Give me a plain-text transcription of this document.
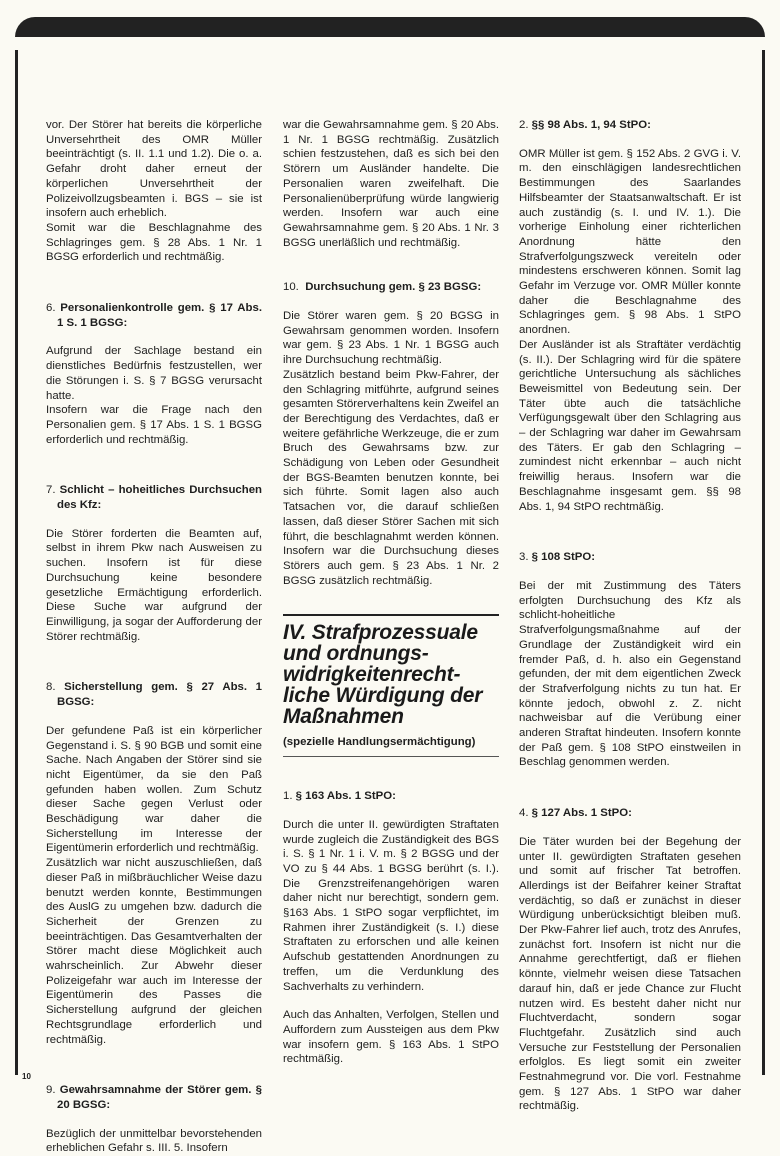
vor. Der Störer hat bereits die körperliche Unversehrtheit des OMR Müller beeinträchtigt (s. II. 1.1 und 1.2). Die o. a. Gefahr droht daher erneut der körperlichen Unversehrtheit der Polizeivollzugsbeamten i. BGS – sie ist insofern auch erheblich.

Somit war die Beschlagnahme des Schlagringes gem. § 28 Abs. 1 Nr. 1 BGSG erforderlich und rechtmäßig.

6. Personalienkontrolle gem. § 17 Abs. 1 S. 1 BGSG:

Aufgrund der Sachlage bestand ein dienstliches Bedürfnis festzustellen, wer die Störungen i. S. § 7 BGSG verursacht hatte.

Insofern war die Frage nach den Personalien gem. § 17 Abs. 1 S. 1 BGSG erforderlich und rechtmäßig.

7. Schlicht – hoheitliches Durchsuchen des Kfz:

Die Störer forderten die Beamten auf, selbst in ihrem Pkw nach Ausweisen zu suchen. Insofern ist für diese Durchsuchung keine besondere gesetzliche Ermächtigung erforderlich. Diese Suche war aufgrund der Einwilligung, ja sogar der Aufforderung der Störer rechtmäßig.

8. Sicherstellung gem. § 27 Abs. 1 BGSG:

Der gefundene Paß ist ein körperlicher Gegenstand i. S. § 90 BGB und somit eine Sache. Nach Angaben der Störer sind sie nicht Eigentümer, da sie den Paß gefunden haben wollen. Zum Schutz dieser Sache gegen Verlust oder Beschädigung war daher die Sicherstellung im Interesse der Eigentümerin erforderlich und rechtmäßig.

Zusätzlich war nicht auszuschließen, daß dieser Paß in mißbräuchlicher Weise dazu benutzt werden konnte, Bestimmungen des AuslG zu umgehen bzw. dadurch die Sicherheit der Grenzen zu beeinträchtigen. Das Gesamtverhalten der Störer macht diese Möglichkeit auch wahrscheinlich. Zur Abwehr dieser Polizeigefahr war auch im Interesse der Eigentümerin des Passes die Sicherstellung aufgrund der gleichen Rechtsgrundlage erforderlich und rechtmäßig.

9. Gewahrsamnahme der Störer gem. § 20 BGSG:

Bezüglich der unmittelbar bevorstehenden erheblichen Gefahr s. III. 5. Insofern

war die Gewahrsamnahme gem. § 20 Abs. 1 Nr. 1 BGSG rechtmäßig. Zusätzlich schien festzustehen, daß es sich bei den Störern um Ausländer handelte. Die Personalien waren zweifelhaft. Die Personalienüberprüfung würde langwierig werden. Insofern war auch eine Gewahrsamnahme gem. § 20 Abs. 1 Nr. 3 BGSG unerläßlich und rechtmäßig.

10. Durchsuchung gem. § 23 BGSG:

Die Störer waren gem. § 20 BGSG in Gewahrsam genommen worden. Insofern war gem. § 23 Abs. 1 Nr. 1 BGSG auch ihre Durchsuchung rechtmäßig.

Zusätzlich bestand beim Pkw-Fahrer, der den Schlagring mitführte, aufgrund seines gesamten Störerverhaltens kein Zweifel an der Berechtigung des Verdachtes, daß er weitere gefährliche Werkzeuge, die er zum Bruch des Gewahrsams bzw. zur Schädigung von Leben oder Gesundheit der BGS-Beamten benutzen konnte, bei sich führte. Somit lagen also auch Tatsachen vor, die darauf schließen lassen, daß dieser Störer Sachen mit sich führt, die beschlagnahmt werden können. Insofern war die Durchsuchung dieses Störers auch gem. § 23 Abs. 1 Nr. 2 BGSG zusätzlich rechtmäßig.

IV. Strafprozessuale
und ordnungs-
widrigkeitenrecht-
liche Würdigung der
Maßnahmen
(spezielle Handlungsermächtigung)

1. § 163 Abs. 1 StPO:

Durch die unter II. gewürdigten Straftaten wurde zugleich die Zuständigkeit des BGS i. S. § 1 Nr. 1 i. V. m. § 2 BGSG und der VO zu § 44 Abs. 1 BGSG berührt (s. I.). Die Grenzstreifenangehörigen waren daher nicht nur berechtigt, sondern gem. §163 Abs. 1 StPO sogar verpflichtet, im Rahmen ihrer Zuständigkeit (s. I.) diese Straftaten zu erforschen und alle keinen Aufschub gestattenden Anordnungen zu treffen, um die Verdunklung des Sachverhalts zu verhindern.

Auch das Anhalten, Verfolgen, Stellen und Auffordern zum Aussteigen aus dem Pkw war insofern gem. § 163 Abs. 1 StPO rechtmäßig.

2. §§ 98 Abs. 1, 94 StPO:

OMR Müller ist gem. § 152 Abs. 2 GVG i. V. m. den einschlägigen landesrechtlichen Bestimmungen des Saarlandes Hilfsbeamter der Staatsanwaltschaft. Er ist auch zuständig (s. I. und IV. 1.). Die vorherige Einholung einer richterlichen Anordnung hätte den Strafverfolgungszweck vereiteln oder mindestens erschweren können. Somit lag Gefahr im Verzuge vor. OMR Müller konnte daher die Beschlagnahme des Schlagringes gem. § 98 Abs. 1 StPO anordnen.

Der Ausländer ist als Straftäter verdächtig (s. II.). Der Schlagring wird für die spätere gerichtliche Untersuchung als sächliches Beweismittel von Bedeutung sein. Der Täter übte auch die tatsächliche Verfügungsgewalt über den Schlagring aus – der Schlagring war daher im Gewahrsam des Täters. Er gab den Schlagring – zumindest nicht erkennbar – auch nicht freiwillig heraus. Insofern war die Beschlagnahme insgesamt gem. §§ 98 Abs. 1, 94 StPO rechtmäßig.

3. § 108 StPO:

Bei der mit Zustimmung des Täters erfolgten Durchsuchung des Kfz als schlicht-hoheitliche Strafverfolgungsmaßnahme auf der Grundlage der Zuständigkeit wird ein fremder Paß, d. h. also ein Gegenstand gefunden, der mit dem eigentlichen Zweck der Strafverfolgung nichts zu tun hat. Er könnte jedoch, obwohl z. Z. nicht nachweisbar auf die Verübung einer anderen Straftat hindeuten. Insofern konnte der Paß gem. § 108 StPO einstweilen in Beschlag genommen werden.

4. § 127 Abs. 1 StPO:

Die Täter wurden bei der Begehung der unter II. gewürdigten Straftaten gesehen und somit auf frischer Tat betroffen. Allerdings ist der Beifahrer keiner Straftat verdächtig, so daß er zunächst in dieser Würdigung unberücksichtigt bleiben muß. Der Pkw-Fahrer lief auch, trotz des Anrufes, zunächst fort. Insofern ist nicht nur die Annahme gerechtfertigt, daß er fliehen könnte, vielmehr weisen diese Tatsachen darauf hin, daß er jede Chance zur Flucht nutzen wird. Es besteht daher nicht nur Fluchtverdacht, sondern sogar Fluchtgefahr. Zusätzlich sind auch Versuche zur Feststellung der Personalien erfolglos. Es liegt somit ein zweiter Festnahmegrund vor. Die vorl. Festnahme gem. § 127 Abs. 1 StPO war daher rechtmäßig.

10
